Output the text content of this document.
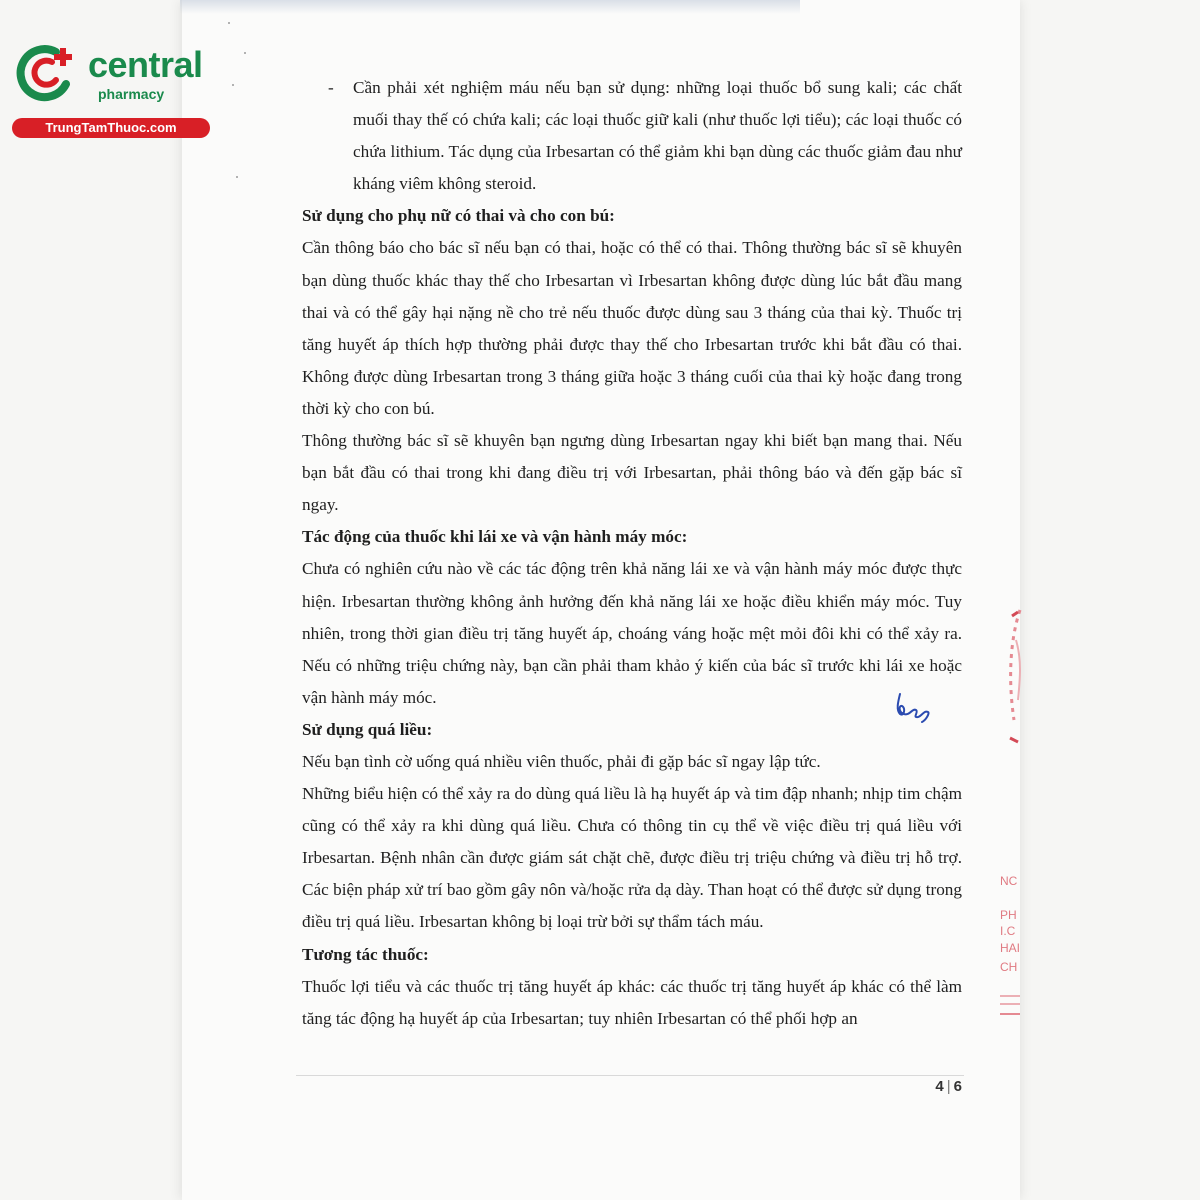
central
pharmacy
TrungTamThuoc.com

- Cần phải xét nghiệm máu nếu bạn sử dụng: những loại thuốc bổ sung kali; các chất muối thay thế có chứa kali; các loại thuốc giữ kali (như thuốc lợi tiểu); các loại thuốc có chứa lithium. Tác dụng của Irbesartan có thể giảm khi bạn dùng các thuốc giảm đau như kháng viêm không steroid.

Sử dụng cho phụ nữ có thai và cho con bú:

Cần thông báo cho bác sĩ nếu bạn có thai, hoặc có thể có thai. Thông thường bác sĩ sẽ khuyên bạn dùng thuốc khác thay thế cho Irbesartan vì Irbesartan không được dùng lúc bắt đầu mang thai và có thể gây hại nặng nề cho trẻ nếu thuốc được dùng sau 3 tháng của thai kỳ. Thuốc trị tăng huyết áp thích hợp thường phải được thay thế cho Irbesartan trước khi bắt đầu có thai. Không được dùng Irbesartan trong 3 tháng giữa hoặc 3 tháng cuối của thai kỳ hoặc đang trong thời kỳ cho con bú.

Thông thường bác sĩ sẽ khuyên bạn ngưng dùng Irbesartan ngay khi biết bạn mang thai. Nếu bạn bắt đầu có thai trong khi đang điều trị với Irbesartan, phải thông báo và đến gặp bác sĩ ngay.

Tác động của thuốc khi lái xe và vận hành máy móc:

Chưa có nghiên cứu nào về các tác động trên khả năng lái xe và vận hành máy móc được thực hiện. Irbesartan thường không ảnh hưởng đến khả năng lái xe hoặc điều khiển máy móc. Tuy nhiên, trong thời gian điều trị tăng huyết áp, choáng váng hoặc mệt mỏi đôi khi có thể xảy ra. Nếu có những triệu chứng này, bạn cần phải tham khảo ý kiến của bác sĩ trước khi lái xe hoặc vận hành máy móc.

Sử dụng quá liều:

Nếu bạn tình cờ uống quá nhiều viên thuốc, phải đi gặp bác sĩ ngay lập tức.

Những biểu hiện có thể xảy ra do dùng quá liều là hạ huyết áp và tim đập nhanh; nhịp tim chậm cũng có thể xảy ra khi dùng quá liều. Chưa có thông tin cụ thể về việc điều trị quá liều với Irbesartan. Bệnh nhân cần được giám sát chặt chẽ, được điều trị triệu chứng và điều trị hỗ trợ. Các biện pháp xử trí bao gồm gây nôn và/hoặc rửa dạ dày. Than hoạt có thể được sử dụng trong điều trị quá liều. Irbesartan không bị loại trừ bởi sự thẩm tách máu.

Tương tác thuốc:

Thuốc lợi tiểu và các thuốc trị tăng huyết áp khác: các thuốc trị tăng huyết áp khác có thể làm tăng tác động hạ huyết áp của Irbesartan; tuy nhiên Irbesartan có thể phối hợp an

NC
PH
I.C
HAI
CH
4 | 6
